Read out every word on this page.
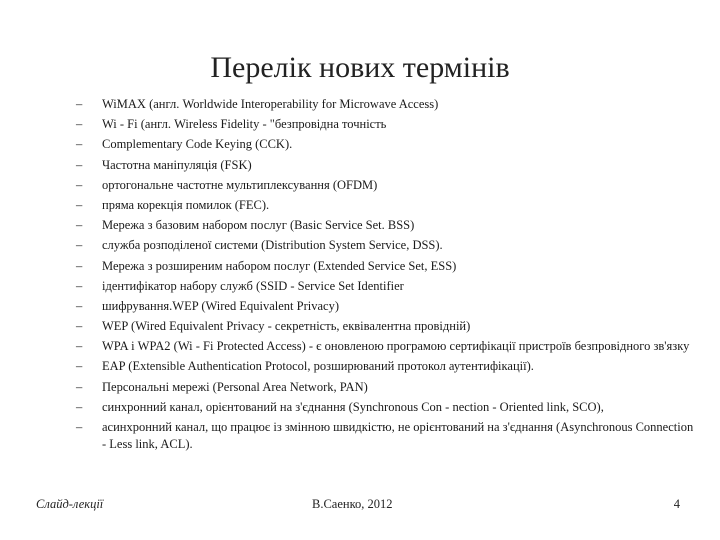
Перелік нових термінів
–	WiMAX (англ. Worldwide Interoperability for Microwave Access)
–	Wi - Fi (англ. Wireless Fidelity - "безпровідна точність
–	Complementary Code Keying (CCK).
–	Частотна маніпуляція (FSK)
–	ортогональне частотне мультиплексування (OFDM)
–	пряма корекція помилок (FEC).
–	Мережа з базовим набором послуг (Basic Service Set. BSS)
–	служба розподіленої системи (Distribution System Service, DSS).
–	Мережа з розширеним набором послуг (Extended Service Set, ESS)
–	ідентифікатор набору служб (SSID - Service Set Identifier
–	шифрування.WEP (Wired Equivalent Privacy)
–	WEP (Wired Equivalent Privacy - секретність, еквівалентна провідній)
–	WPA і WPA2 (Wi - Fi Protected Access) - є оновленою програмою сертифікації пристроїв безпровідного зв'язку
–	EAP (Extensible Authentication Protocol, розширюваний протокол аутентифікації).
–	Персональні мережі (Personal Area Network, PAN)
–	синхронний канал, орієнтований на з'єднання (Synchronous Con - nection - Oriented link, SCO),
–	асинхронний канал, що працює із змінною швидкістю, не орієнтований на з'єднання (Asynchronous Connection - Less link, ACL).
Слайд-лекції	В.Саенко, 2012	4
